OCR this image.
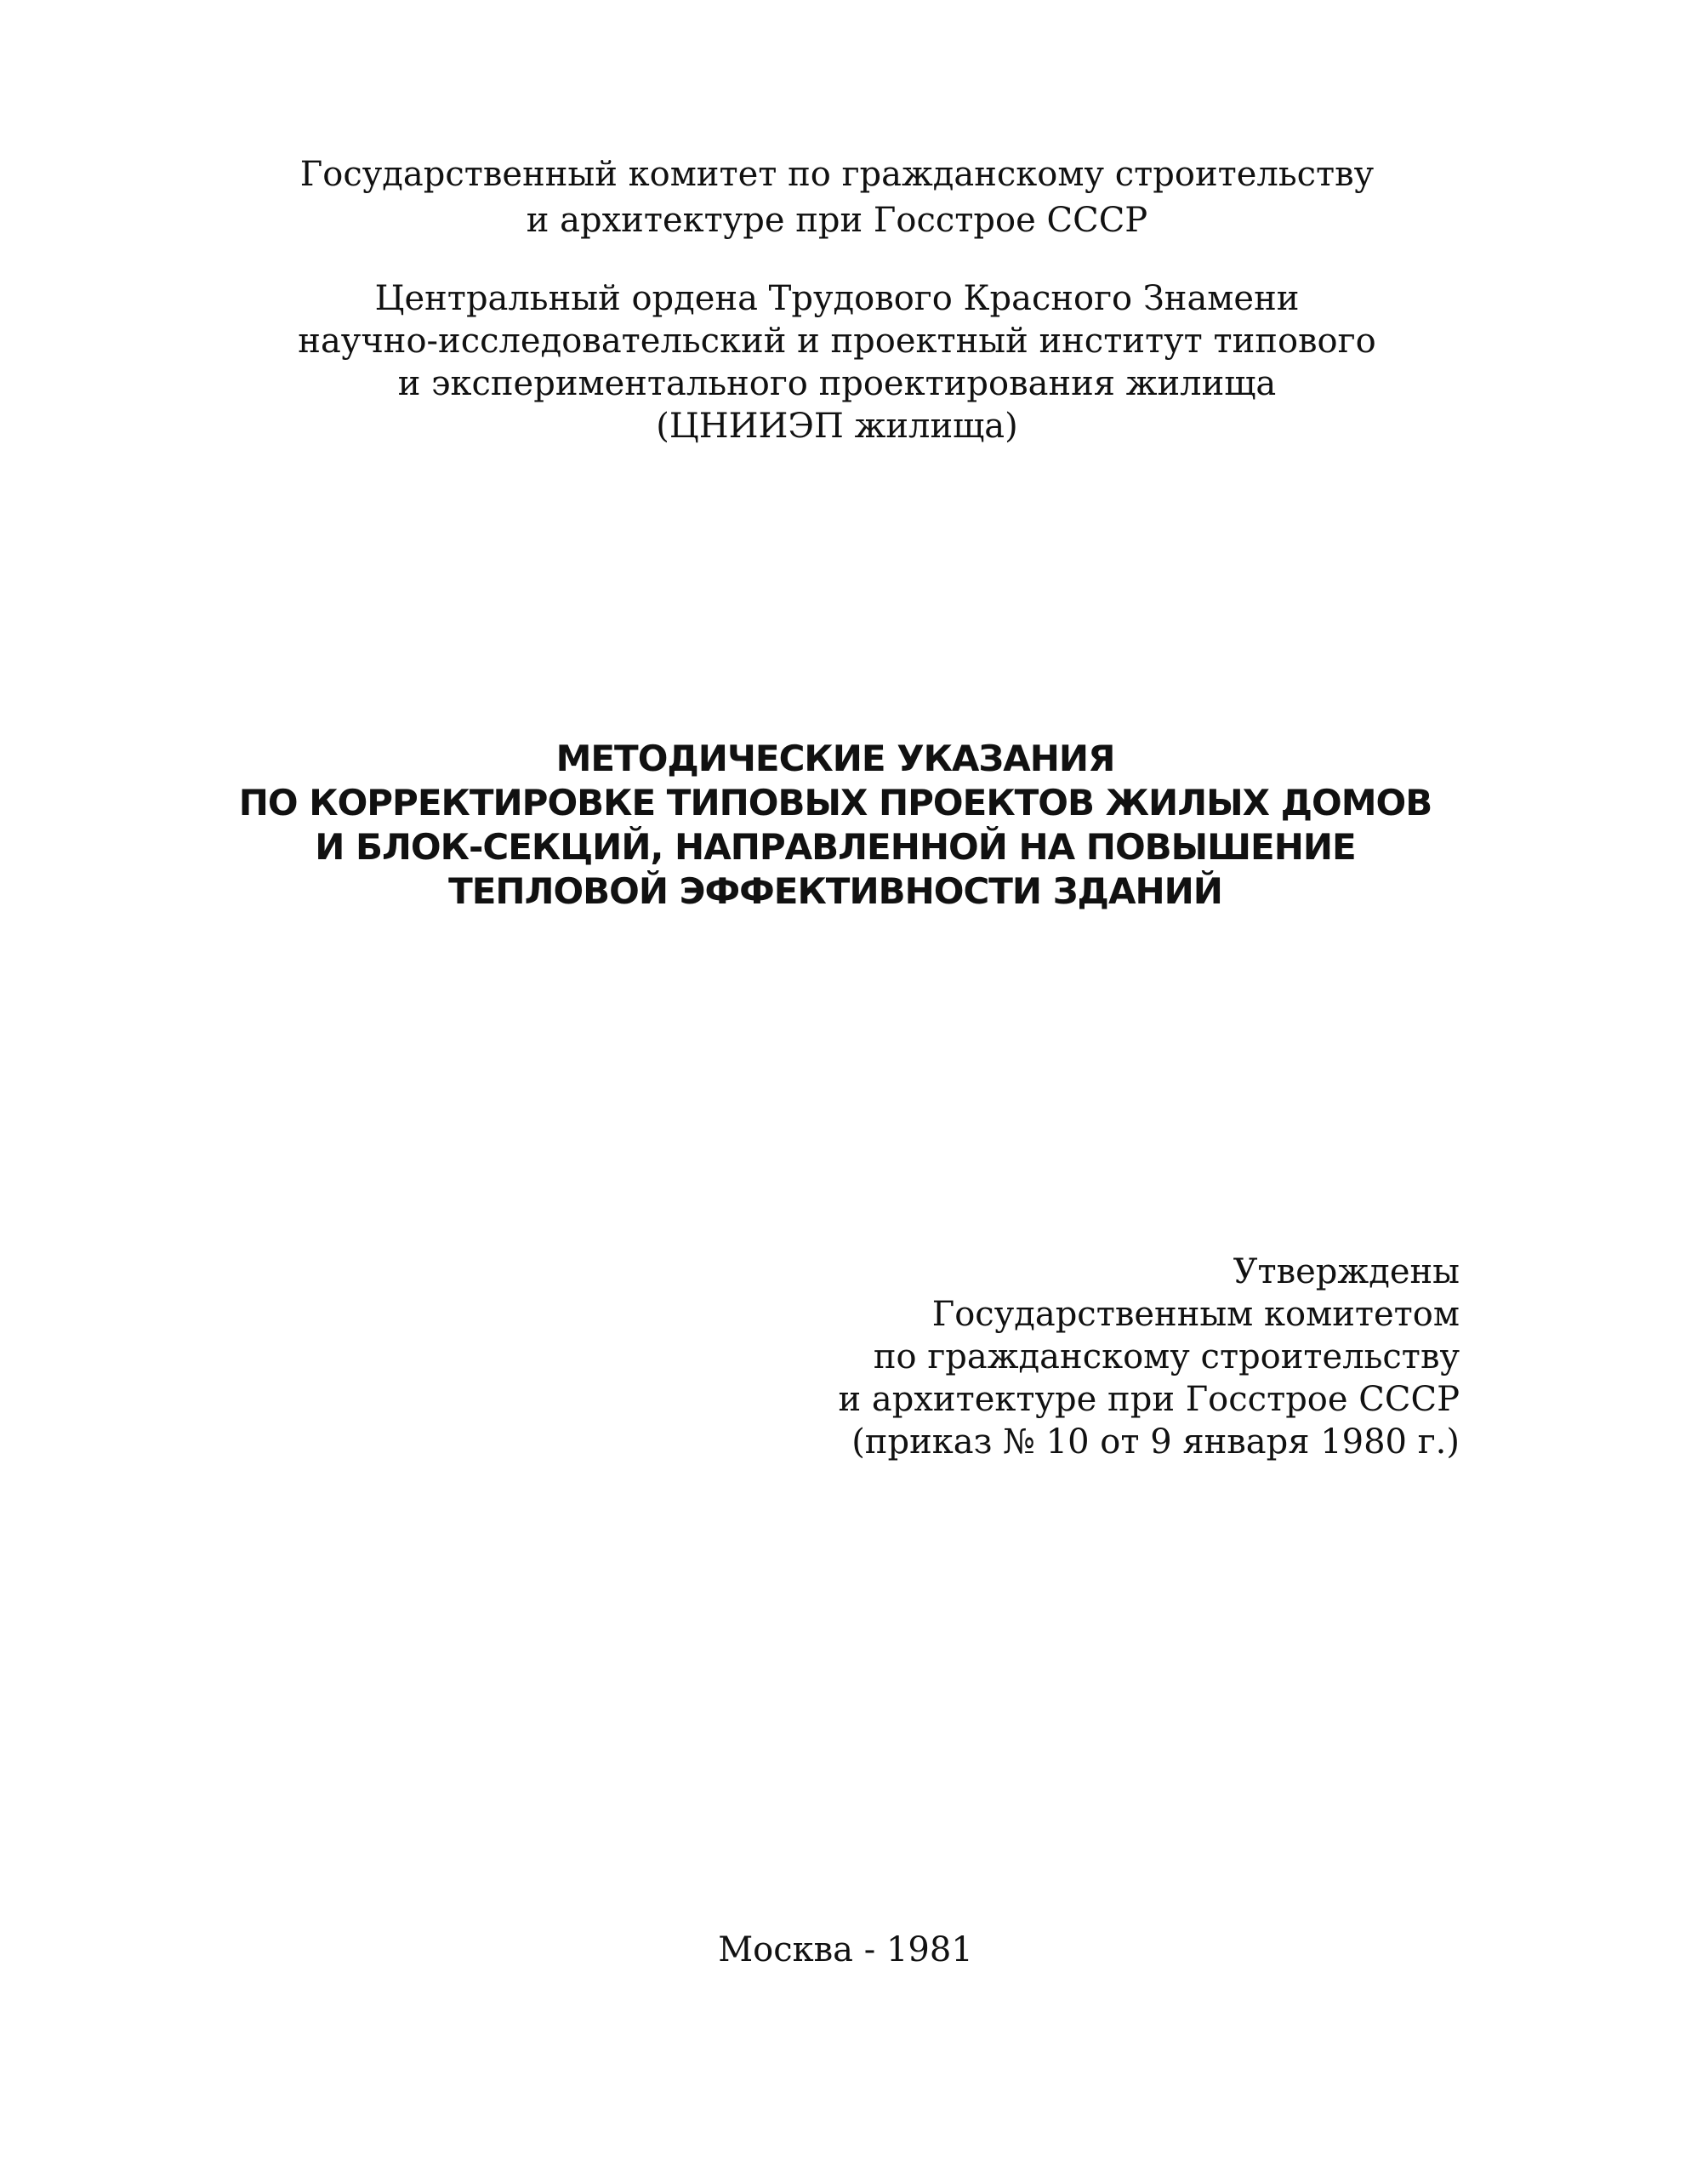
Государственный комитет по гражданскому строительству
и архитектуре при Госстрое СССР
Центральный ордена Трудового Красного Знамени
научно-исследовательский и проектный институт типового
и экспериментального проектирования жилища
(ЦНИИЭП жилища)
МЕТОДИЧЕСКИЕ УКАЗАНИЯ
ПО КОРРЕКТИРОВКЕ ТИПОВЫХ ПРОЕКТОВ ЖИЛЫХ ДОМОВ
И БЛОК-СЕКЦИЙ, НАПРАВЛЕННОЙ НА ПОВЫШЕНИЕ
ТЕПЛОВОЙ ЭФФЕКТИВНОСТИ ЗДАНИЙ
Утверждены
Государственным комитетом
по гражданскому строительству
и архитектуре при Госстрое СССР
(приказ № 10 от 9 января 1980 г.)
Москва - 1981
